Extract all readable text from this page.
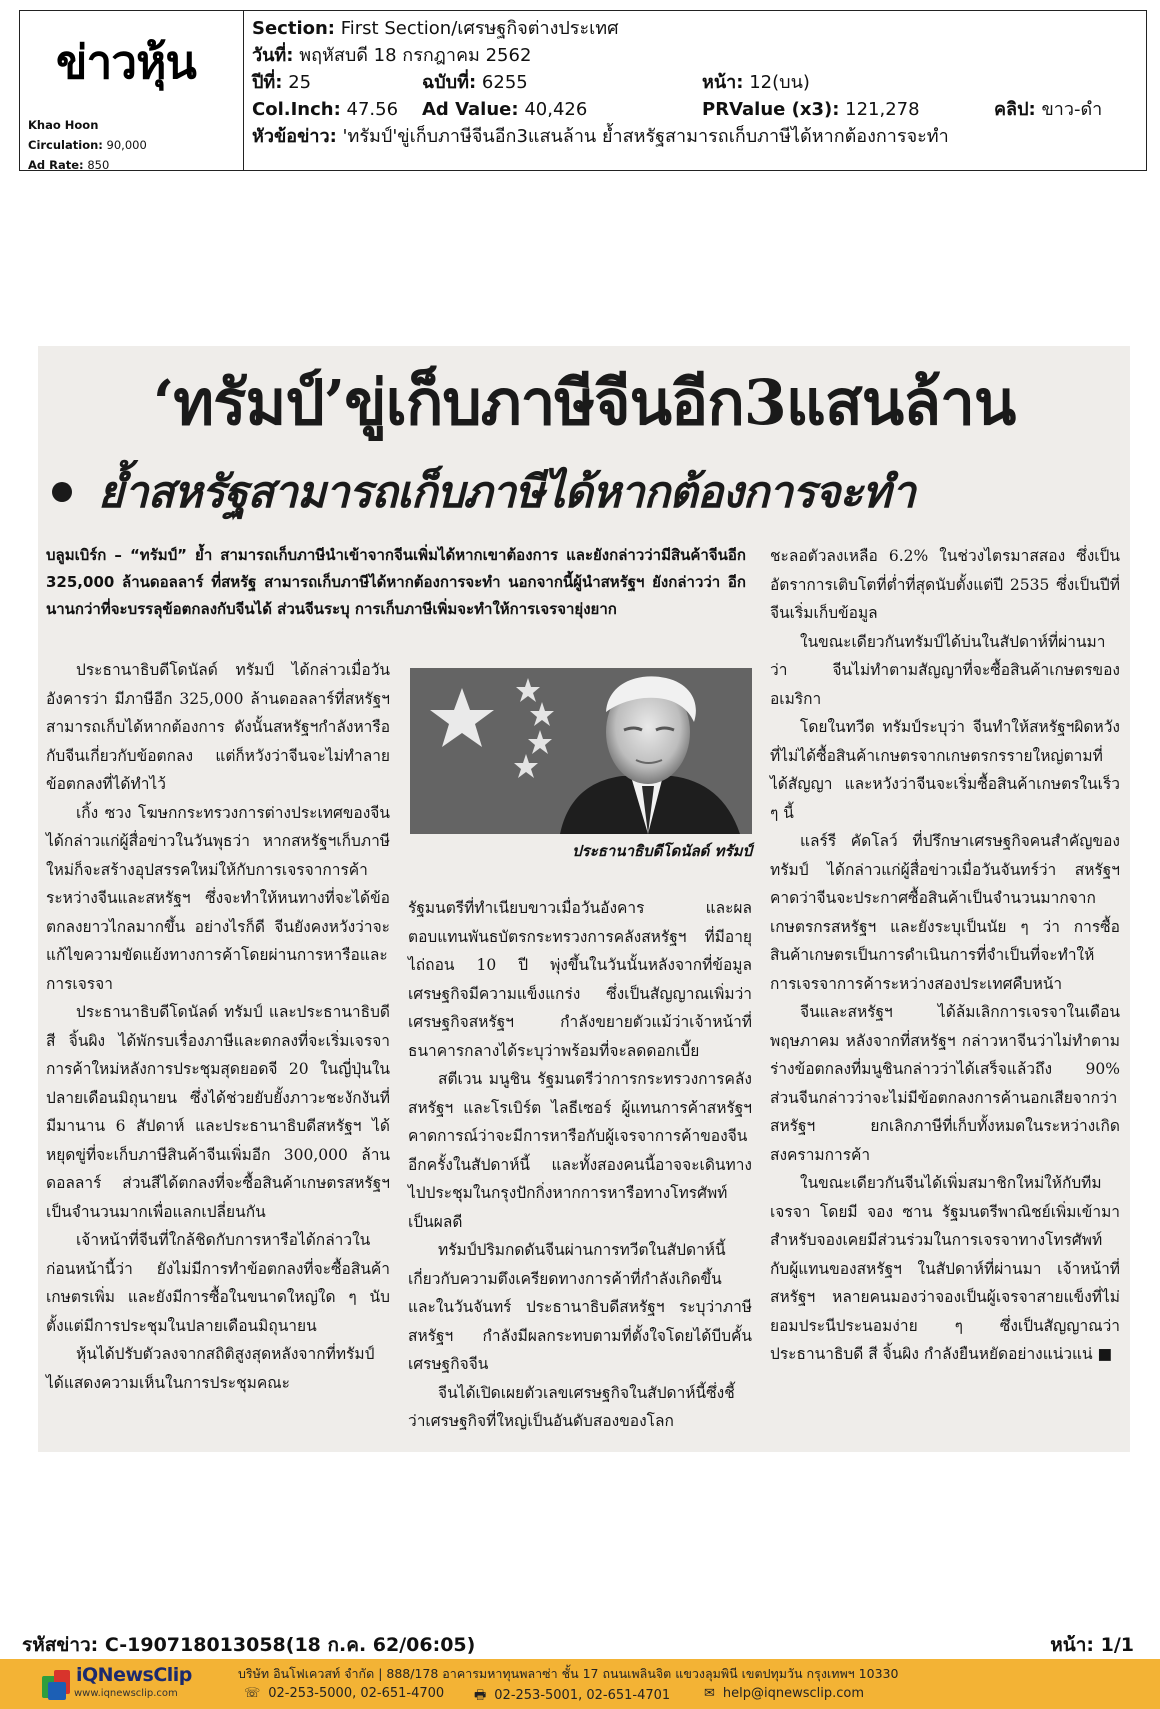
ข่าวหุ้น
Khao Hoon
Circulation: 90,000
Ad Rate: 850
Section: First Section/เศรษฐกิจต่างประเทศ
วันที่: พฤหัสบดี 18 กรกฎาคม 2562
ปีที่: 25	ฉบับที่: 6255	หน้า: 12(บน)
Col.Inch: 47.56 Ad Value: 40,426	PRValue (x3): 121,278	คลิป: ขาว-ดำ
หัวข้อข่าว: 'ทรัมป์'ขู่เก็บภาษีจีนอีก3แสนล้าน ย้ำสหรัฐสามารถเก็บภาษีได้หากต้องการจะทำ
‘ทรัมป์’ขู่เก็บภาษีจีนอีก3แสนล้าน
ย้ำสหรัฐสามารถเก็บภาษีได้หากต้องการจะทำ
บลูมเบิร์ก – “ทรัมป์” ย้ำ สามารถเก็บภาษีนำเข้าจากจีนเพิ่มได้หากเขาต้องการ และยังกล่าวว่ามีสินค้าจีนอีก 325,000 ล้านดอลลาร์ ที่สหรัฐ สามารถเก็บภาษีได้หากต้องการจะทำ นอกจากนี้ผู้นำสหรัฐฯ ยังกล่าวว่า อีกนานกว่าที่จะบรรลุข้อตกลงกับจีนได้ ส่วนจีนระบุ การเก็บภาษีเพิ่มจะทำให้การเจรจายุ่งยาก

ประธานาธิบดีโดนัลด์ ทรัมป์ ได้กล่าวเมื่อวันอังคารว่า มีภาษีอีก 325,000 ล้านดอลลาร์ที่สหรัฐฯสามารถเก็บได้หากต้องการ ดังนั้นสหรัฐฯกำลังหารือกับจีนเกี่ยวกับข้อตกลง แต่ก็หวังว่าจีนจะไม่ทำลายข้อตกลงที่ได้ทำไว้

เกิ้ง ซวง โฆษกกระทรวงการต่างประเทศของจีนได้กล่าวแก่ผู้สื่อข่าวในวันพุธว่า หากสหรัฐฯเก็บภาษีใหม่ก็จะสร้างอุปสรรคใหม่ให้กับการเจรจาการค้าระหว่างจีนและสหรัฐฯ ซึ่งจะทำให้หนทางที่จะได้ข้อตกลงยาวไกลมากขึ้น อย่างไรก็ดี จีนยังคงหวังว่าจะแก้ไขความขัดแย้งทางการค้าโดยผ่านการหารือและการเจรจา

ประธานาธิบดีโดนัลด์ ทรัมป์ และประธานาธิบดีสี จิ้นผิง ได้พักรบเรื่องภาษีและตกลงที่จะเริ่มเจรจาการค้าใหม่หลังการประชุมสุดยอดจี 20 ในญี่ปุ่นในปลายเดือนมิถุนายน ซึ่งได้ช่วยยับยั้งภาวะชะงักงันที่มีมานาน 6 สัปดาห์ และประธานาธิบดีสหรัฐฯ ได้หยุดขู่ที่จะเก็บภาษีสินค้าจีนเพิ่มอีก 300,000 ล้านดอลลาร์ ส่วนสีได้ตกลงที่จะซื้อสินค้าเกษตรสหรัฐฯ เป็นจำนวนมากเพื่อแลกเปลี่ยนกัน

เจ้าหน้าที่จีนที่ใกล้ชิดกับการหารือได้กล่าวในก่อนหน้านี้ว่า ยังไม่มีการทำข้อตกลงที่จะซื้อสินค้าเกษตรเพิ่ม และยังมีการซื้อในขนาดใหญ่ใด ๆ นับตั้งแต่มีการประชุมในปลายเดือนมิถุนายน

หุ้นได้ปรับตัวลงจากสถิติสูงสุดหลังจากที่ทรัมป์ได้แสดงความเห็นในการประชุมคณะ

ประธานาธิบดีโดนัลด์ ทรัมป์

รัฐมนตรีที่ทำเนียบขาวเมื่อวันอังคาร และผลตอบแทนพันธบัตรกระทรวงการคลังสหรัฐฯ ที่มีอายุไถ่ถอน 10 ปี พุ่งขึ้นในวันนั้นหลังจากที่ข้อมูลเศรษฐกิจมีความแข็งแกร่ง ซึ่งเป็นสัญญาณเพิ่มว่าเศรษฐกิจสหรัฐฯ กำลังขยายตัวแม้ว่าเจ้าหน้าที่ธนาคารกลางได้ระบุว่าพร้อมที่จะลดดอกเบี้ย

สตีเวน มนูชิน รัฐมนตรีว่าการกระทรวงการคลังสหรัฐฯ และโรเบิร์ต ไลธีเซอร์ ผู้แทนการค้าสหรัฐฯ คาดการณ์ว่าจะมีการหารือกับผู้เจรจาการค้าของจีนอีกครั้งในสัปดาห์นี้ และทั้งสองคนนี้อาจจะเดินทางไปประชุมในกรุงปักกิ่งหากการหารือทางโทรศัพท์เป็นผลดี

ทรัมป์ปริมกดดันจีนผ่านการทวีตในสัปดาห์นี้เกี่ยวกับความตึงเครียดทางการค้าที่กำลังเกิดขึ้น และในวันจันทร์ ประธานาธิบดีสหรัฐฯ ระบุว่าภาษีสหรัฐฯ กำลังมีผลกระทบตามที่ตั้งใจโดยได้บีบคั้นเศรษฐกิจจีน

จีนได้เปิดเผยตัวเลขเศรษฐกิจในสัปดาห์นี้ซึ่งชี้ว่าเศรษฐกิจที่ใหญ่เป็นอันดับสองของโลก

ชะลอตัวลงเหลือ 6.2% ในช่วงไตรมาสสอง ซึ่งเป็นอัตราการเติบโตที่ต่ำที่สุดนับตั้งแต่ปี 2535 ซึ่งเป็นปีที่จีนเริ่มเก็บข้อมูล

ในขณะเดียวกันทรัมป์ได้บ่นในสัปดาห์ที่ผ่านมาว่า จีนไม่ทำตามสัญญาที่จะซื้อสินค้าเกษตรของอเมริกา

โดยในทวีต ทรัมป์ระบุว่า จีนทำให้สหรัฐฯผิดหวังที่ไม่ได้ซื้อสินค้าเกษตรจากเกษตรกรรายใหญ่ตามที่ได้สัญญา และหวังว่าจีนจะเริ่มซื้อสินค้าเกษตรในเร็ว ๆ นี้

แลร์รี คัดโลว์ ที่ปรึกษาเศรษฐกิจคนสำคัญของทรัมป์ ได้กล่าวแก่ผู้สื่อข่าวเมื่อวันจันทร์ว่า สหรัฐฯ คาดว่าจีนจะประกาศซื้อสินค้าเป็นจำนวนมากจากเกษตรกรสหรัฐฯ และยังระบุเป็นนัย ๆ ว่า การซื้อสินค้าเกษตรเป็นการดำเนินการที่จำเป็นที่จะทำให้การเจรจาการค้าระหว่างสองประเทศคืบหน้า

จีนและสหรัฐฯ ได้ล้มเลิกการเจรจาในเดือนพฤษภาคม หลังจากที่สหรัฐฯ กล่าวหาจีนว่าไม่ทำตามร่างข้อตกลงที่มนูชินกล่าวว่าได้เสร็จแล้วถึง 90% ส่วนจีนกล่าวว่าจะไม่มีข้อตกลงการค้านอกเสียจากว่าสหรัฐฯ ยกเลิกภาษีที่เก็บทั้งหมดในระหว่างเกิดสงครามการค้า

ในขณะเดียวกันจีนได้เพิ่มสมาชิกใหม่ให้กับทีมเจรจา โดยมี จอง ซาน รัฐมนตรีพาณิชย์เพิ่มเข้ามา สำหรับจองเคยมีส่วนร่วมในการเจรจาทางโทรศัพท์กับผู้แทนของสหรัฐฯ ในสัปดาห์ที่ผ่านมา เจ้าหน้าที่สหรัฐฯ หลายคนมองว่าจองเป็นผู้เจรจาสายแข็งที่ไม่ยอมประนีประนอมง่าย ๆ ซึ่งเป็นสัญญาณว่าประธานาธิบดี สี จิ้นผิง กำลังยืนหยัดอย่างแน่วแน่ ■

รหัสข่าว: C-190718013058(18 ก.ค. 62/06:05)	หน้า: 1/1
iQNewsClip
www.iqnewsclip.com
บริษัท อินโฟเควสท์ จำกัด | 888/178 อาคารมหาทุนพลาซ่า ชั้น 17 ถนนเพลินจิต แขวงลุมพินี เขตปทุมวัน กรุงเทพฯ 10330
☏ 02-253-5000, 02-651-4700 🖶 02-253-5001, 02-651-4701	✉ help@iqnewsclip.com
